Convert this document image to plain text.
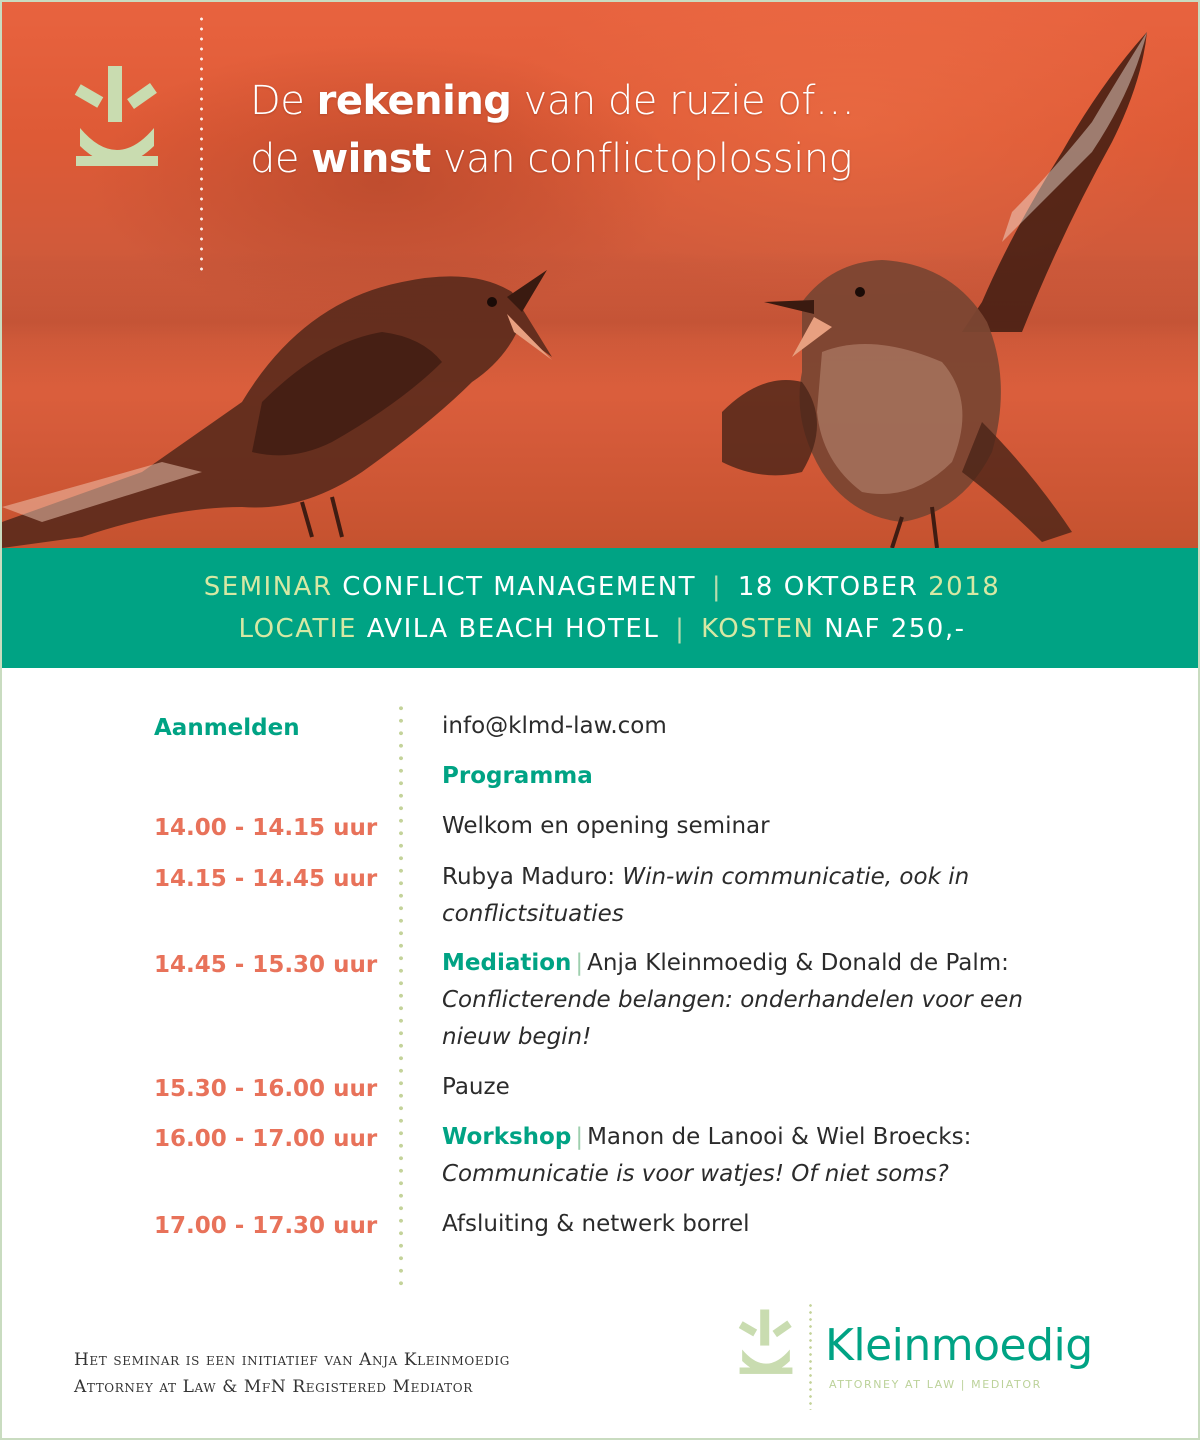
De rekening van de ruzie of…
de winst van conflictoplossing
SEMINAR CONFLICT MANAGEMENT | 18 OKTOBER 2018
LOCATIE AVILA BEACH HOTEL | KOSTEN NAF 250,-
Aanmelden	info@klmd-law.com
Programma
14.00 - 14.15 uur	Welkom en opening seminar
14.15 - 14.45 uur	Rubya Maduro: Win-win communicatie, ook in conflictsituaties
14.45 - 15.30 uur	Mediation | Anja Kleinmoedig & Donald de Palm: Conflicterende belangen: onderhandelen voor een nieuw begin!
15.30 - 16.00 uur	Pauze
16.00 - 17.00 uur	Workshop | Manon de Lanooi & Wiel Broecks: Communicatie is voor watjes! Of niet soms?
17.00 - 17.30 uur	Afsluiting & netwerk borrel
Het seminar is een initiatief van Anja Kleinmoedig
Attorney at Law & MfN Registered Mediator
Kleinmoedig
ATTORNEY AT LAW | MEDIATOR
